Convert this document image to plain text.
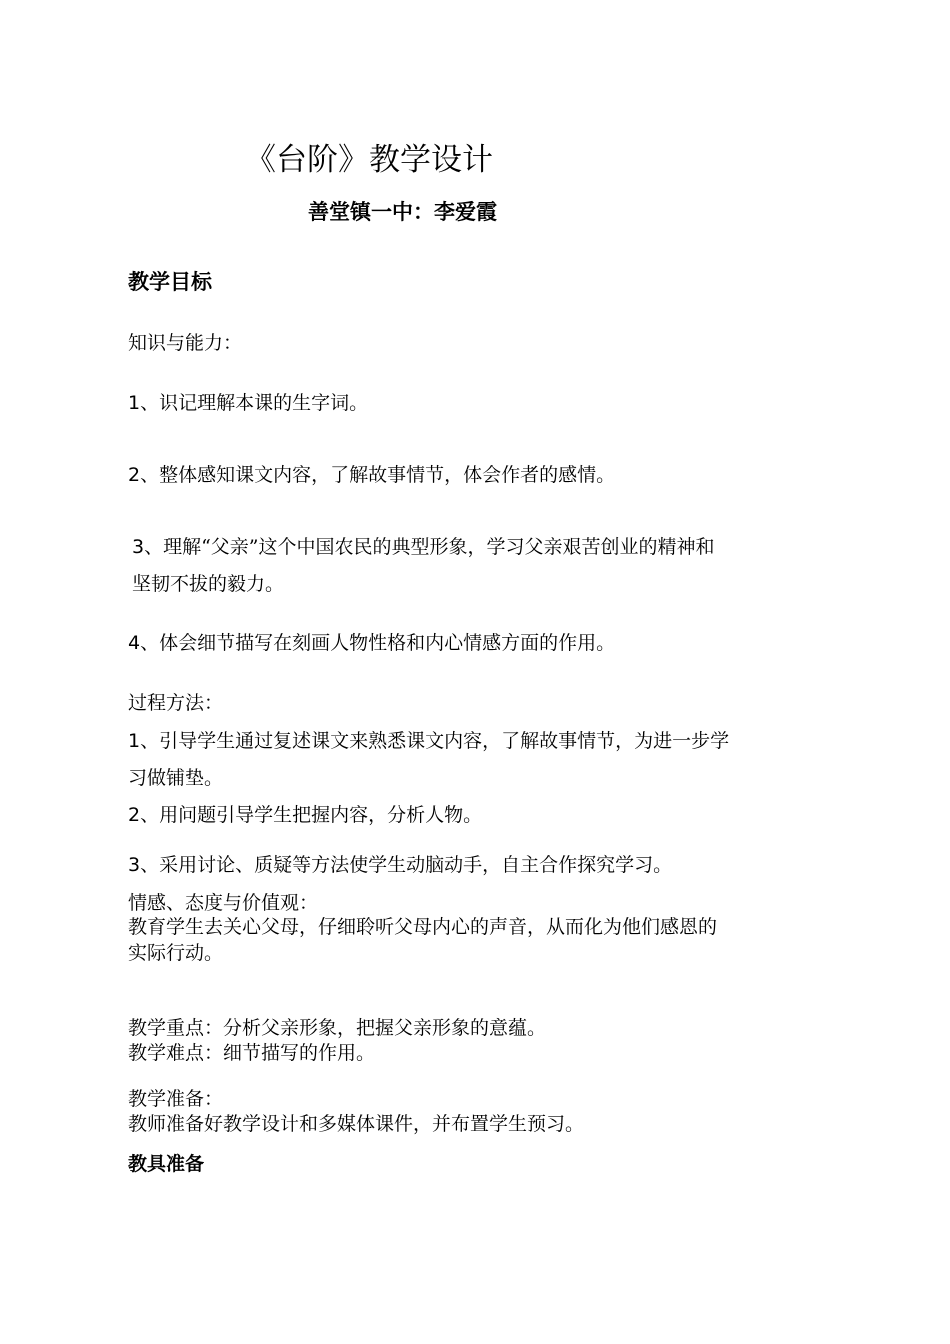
《台阶》教学设计
善堂镇一中：李爱霞
教学目标
知识与能力：
1、识记理解本课的生字词。
2、整体感知课文内容，了解故事情节，体会作者的感情。
3、理解“父亲”这个中国农民的典型形象，学习父亲艰苦创业的精神和
坚韧不拔的毅力。
4、体会细节描写在刻画人物性格和内心情感方面的作用。
过程方法：
1、引导学生通过复述课文来熟悉课文内容，了解故事情节，为进一步学
习做铺垫。
2、用问题引导学生把握内容，分析人物。
3、采用讨论、质疑等方法使学生动脑动手，自主合作探究学习。
情感、态度与价值观：
教育学生去关心父母，仔细聆听父母内心的声音，从而化为他们感恩的
实际行动。
教学重点：分析父亲形象，把握父亲形象的意蕴。
教学难点：细节描写的作用。
教学准备：
教师准备好教学设计和多媒体课件，并布置学生预习。
教具准备
